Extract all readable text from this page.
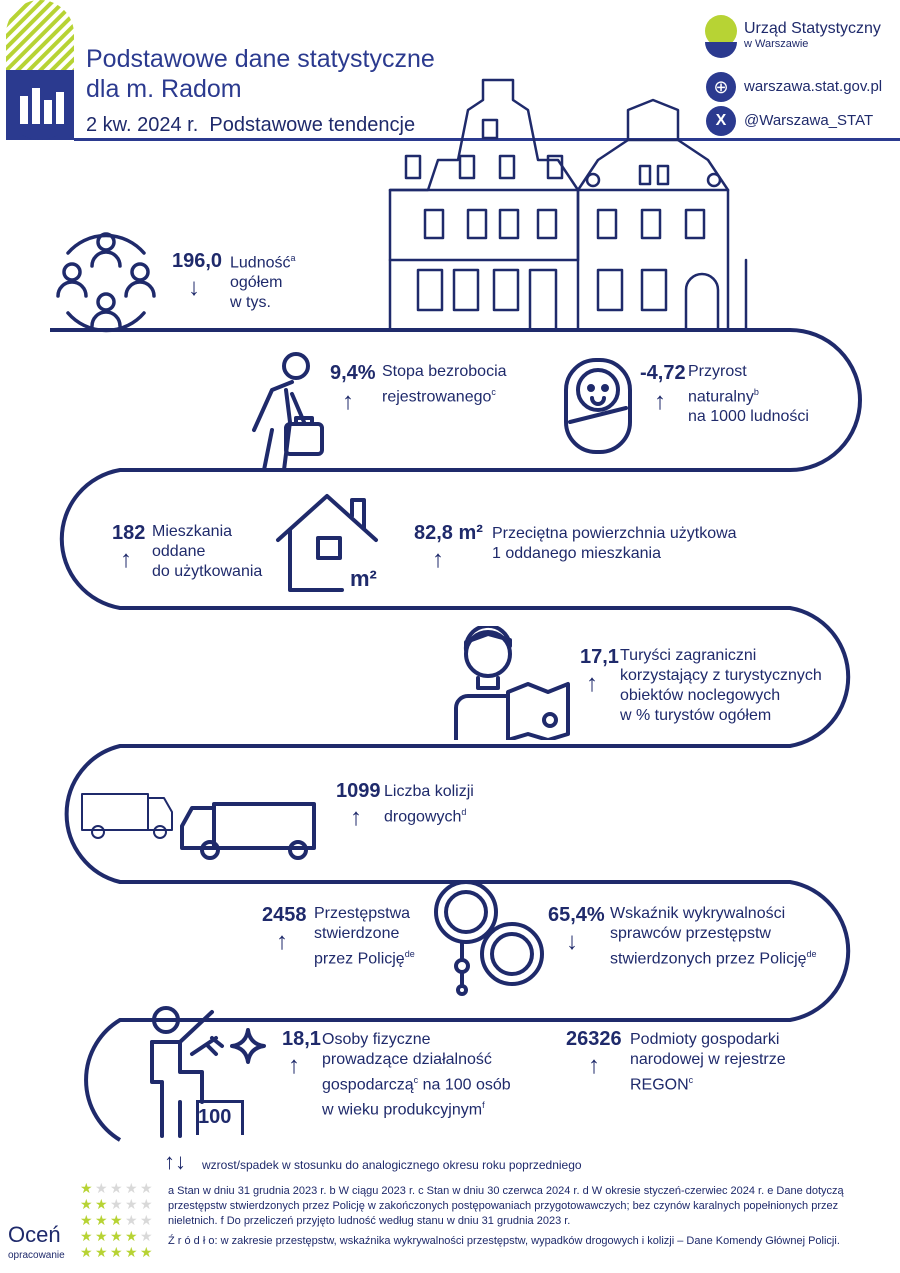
Podstawowe dane statystyczne
dla m. Radom
2 kw. 2024 r. Podstawowe tendencje
Urząd Statystyczny
w Warszawie
⊕	warszawa.stat.gov.pl
X	@Warszawa_STAT
196,0
↓
Ludność$^a$
ogółem
w tys.
9,4%
↑
Stopa bezrobocia
rejestrowanego$^c$
-4,72
↑
Przyrost
naturalny$^b$
na 1000 ludności
182
↑
Mieszkania
oddane
do użytkowania	m²
82,8 m²
↑
Przeciętna powierzchnia użytkowa
1 oddanego mieszkania
17,1
↑
Turyści zagraniczni
korzystający z turystycznych
obiektów noclegowych
w % turystów ogółem
1099
↑
Liczba kolizji
drogowych$^d$
2458
↑
Przestępstwa
stwierdzone
przez Policję$^{de}$
65,4%
↓
Wskaźnik wykrywalności
sprawców przestępstw
stwierdzonych przez Policję$^{de}$
100
18,1
↑
Osoby fizyczne
prowadzące działalność
gospodarczą$^c$ na 100 osób
w wieku produkcyjnym$^f$
26326
↑
Podmioty gospodarki
narodowej w rejestrze
REGON$^c$
↑↓ wzrost/spadek w stosunku do analogicznego okresu roku poprzedniego
★ ★ ★ ★ ★
★ ★ ★ ★ ★
★ ★ ★ ★ ★
★ ★ ★ ★ ★
★ ★ ★ ★ ★
Oceń
opracowanie
a Stan w dniu 31 grudnia 2023 r. b W ciągu 2023 r. c Stan w dniu 30 czerwca 2024 r. d W okresie styczeń-czerwiec 2024 r. e Dane dotyczą przestępstw stwierdzonych przez Policję w zakończonych postępowaniach przygotowawczych; bez czynów karalnych popełnionych przez nieletnich. f Do przeliczeń przyjęto ludność według stanu w dniu 31 grudnia 2023 r.
Ź r ó d ł o: w zakresie przestępstw, wskaźnika wykrywalności przestępstw, wypadków drogowych i kolizji – Dane Komendy Głównej Policji.
